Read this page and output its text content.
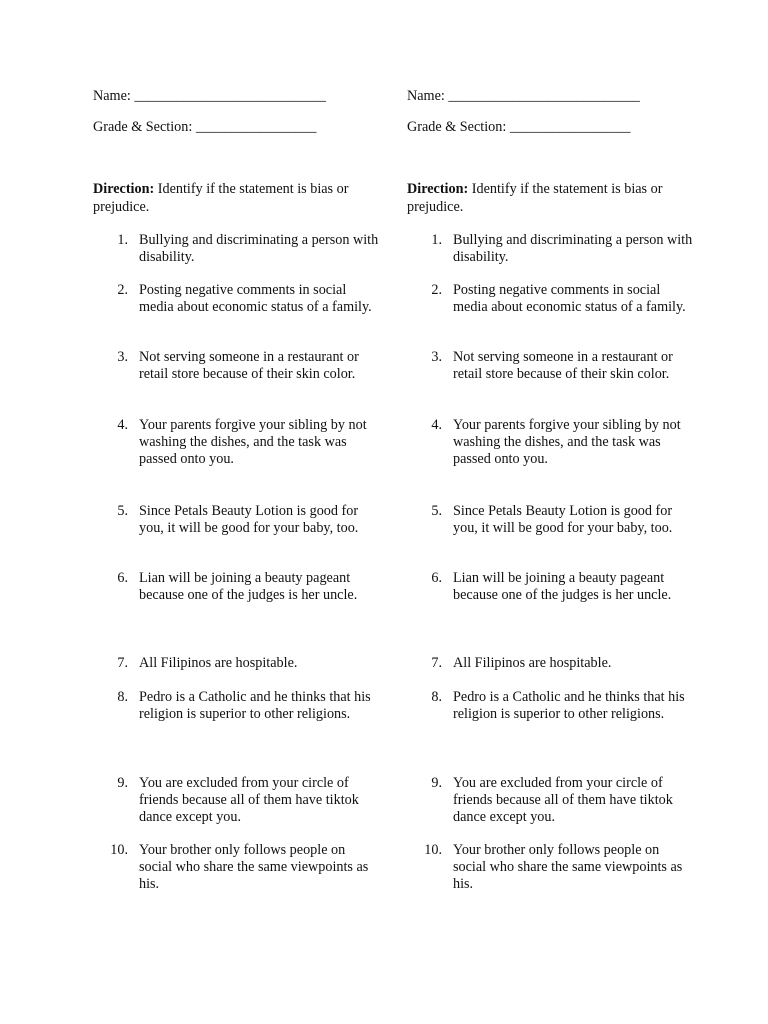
Name: ___________________________
Grade & Section: _________________
Direction: Identify if the statement is bias or prejudice.
1. Bullying and discriminating a person with disability.
2. Posting negative comments in social media about economic status of a family.
3. Not serving someone in a restaurant or retail store because of their skin color.
4. Your parents forgive your sibling by not washing the dishes, and the task was passed onto you.
5. Since Petals Beauty Lotion is good for you, it will be good for your baby, too.
6. Lian will be joining a beauty pageant because one of the judges is her uncle.
7. All Filipinos are hospitable.
8. Pedro is a Catholic and he thinks that his religion is superior to other religions.
9. You are excluded from your circle of friends because all of them have tiktok dance except you.
10. Your brother only follows people on social who share the same viewpoints as his.
Name: ___________________________
Grade & Section: _________________
Direction: Identify if the statement is bias or prejudice.
1. Bullying and discriminating a person with disability.
2. Posting negative comments in social media about economic status of a family.
3. Not serving someone in a restaurant or retail store because of their skin color.
4. Your parents forgive your sibling by not washing the dishes, and the task was passed onto you.
5. Since Petals Beauty Lotion is good for you, it will be good for your baby, too.
6. Lian will be joining a beauty pageant because one of the judges is her uncle.
7. All Filipinos are hospitable.
8. Pedro is a Catholic and he thinks that his religion is superior to other religions.
9. You are excluded from your circle of friends because all of them have tiktok dance except you.
10. Your brother only follows people on social who share the same viewpoints as his.
